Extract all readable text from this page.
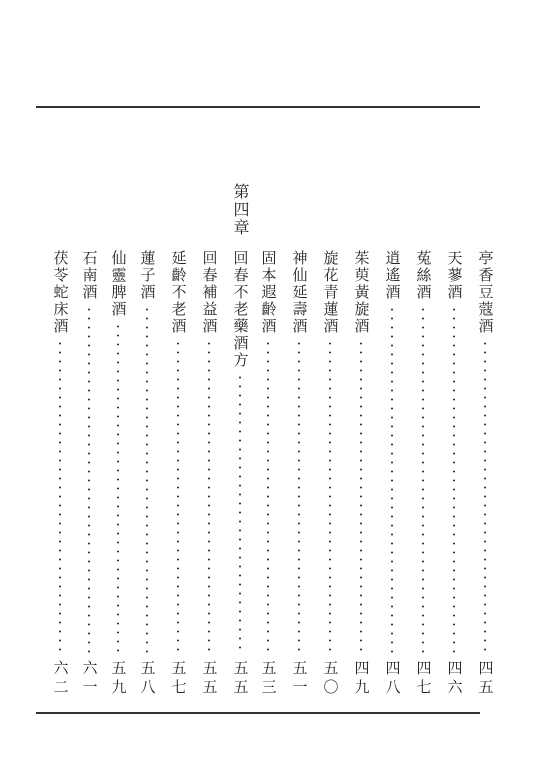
第四章
亭香豆蔻酒
四五
天蓼酒
四六
菟絲酒
四七
逍遙酒
四八
茱萸黃旋酒
四九
旋花青蓮酒
五〇
神仙延壽酒
五一
固本遐齡酒
五三
回春不老藥酒方
五五
回春補益酒
五五
延齡不老酒
五七
蓮子酒
五八
仙靈脾酒
五九
石南酒
六一
茯苓蛇床酒
六二
